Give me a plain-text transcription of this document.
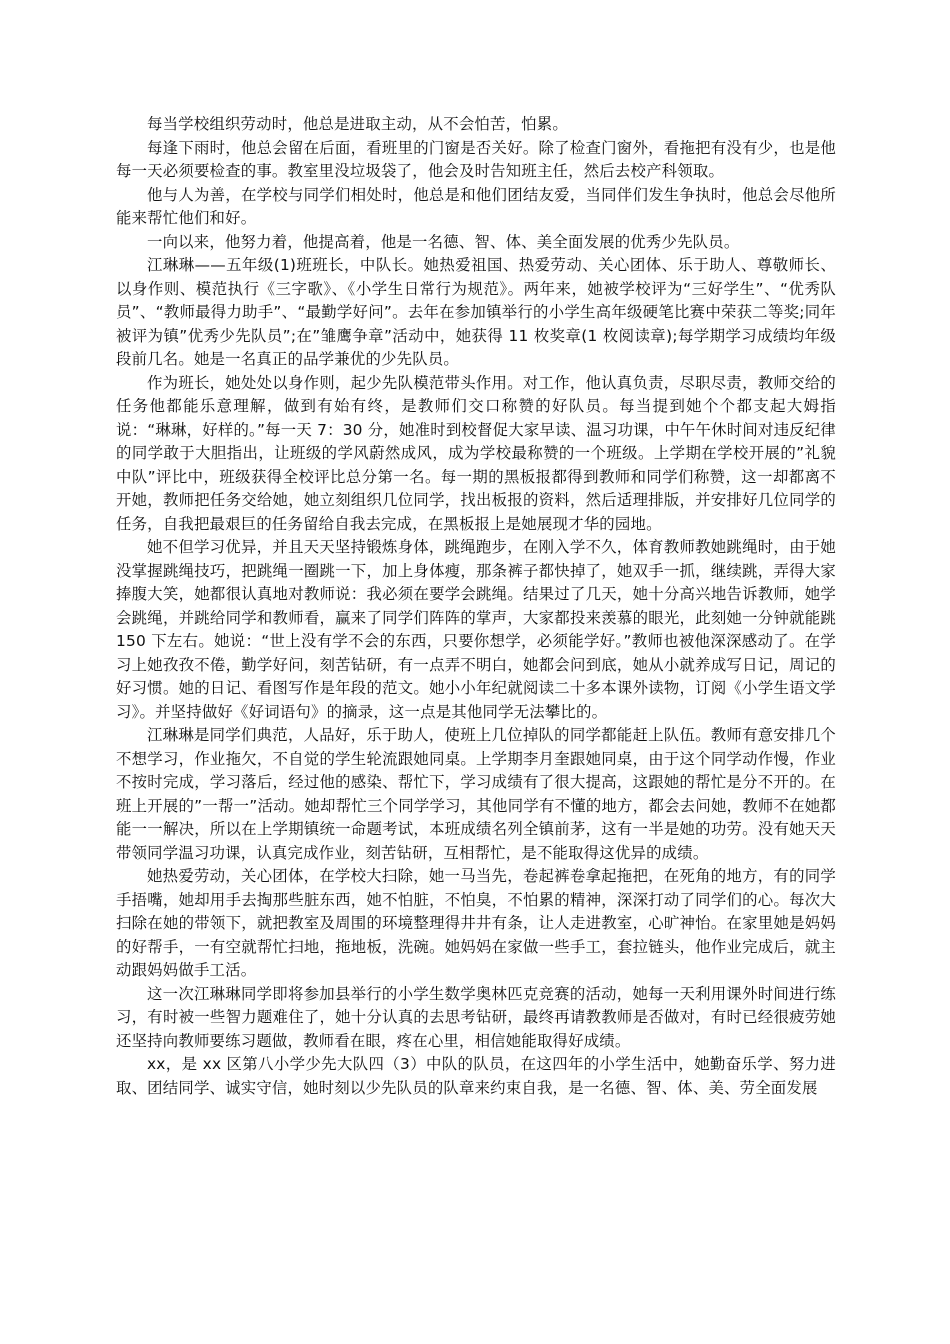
每当学校组织劳动时，他总是进取主动，从不会怕苦，怕累。

每逢下雨时，他总会留在后面，看班里的门窗是否关好。除了检查门窗外，看拖把有没有少，也是他每一天必须要检查的事。教室里没垃圾袋了，他会及时告知班主任，然后去校产科领取。

他与人为善，在学校与同学们相处时，他总是和他们团结友爱，当同伴们发生争执时，他总会尽他所能来帮忙他们和好。

一向以来，他努力着，他提高着，他是一名德、智、体、美全面发展的优秀少先队员。

江琳琳——五年级(1)班班长，中队长。她热爱祖国、热爱劳动、关心团体、乐于助人、尊敬师长、以身作则、模范执行《三字歌》、《小学生日常行为规范》。两年来，她被学校评为“三好学生”、“优秀队员”、“教师最得力助手”、“最勤学好问”。去年在参加镇举行的小学生高年级硬笔比赛中荣获二等奖;同年被评为镇”优秀少先队员”;在”雏鹰争章”活动中，她获得 11 枚奖章(1 枚阅读章);每学期学习成绩均年级段前几名。她是一名真正的品学兼优的少先队员。

作为班长，她处处以身作则，起少先队模范带头作用。对工作，他认真负责，尽职尽责，教师交给的任务他都能乐意理解，做到有始有终，是教师们交口称赞的好队员。每当提到她个个都支起大姆指说：“琳琳，好样的。”每一天 7：30 分，她准时到校督促大家早读、温习功课，中午午休时间对违反纪律的同学敢于大胆指出，让班级的学风蔚然成风，成为学校最称赞的一个班级。上学期在学校开展的”礼貌中队”评比中，班级获得全校评比总分第一名。每一期的黑板报都得到教师和同学们称赞，这一却都离不开她，教师把任务交给她，她立刻组织几位同学，找出板报的资料，然后适理排版，并安排好几位同学的任务，自我把最艰巨的任务留给自我去完成，在黑板报上是她展现才华的园地。

她不但学习优异，并且天天坚持锻炼身体，跳绳跑步，在刚入学不久，体育教师教她跳绳时，由于她没掌握跳绳技巧，把跳绳一圈跳一下，加上身体瘦，那条裤子都快掉了，她双手一抓，继续跳，弄得大家捧腹大笑，她都很认真地对教师说：我必须在要学会跳绳。结果过了几天，她十分高兴地告诉教师，她学会跳绳，并跳给同学和教师看，赢来了同学们阵阵的掌声，大家都投来羡慕的眼光，此刻她一分钟就能跳 150 下左右。她说：“世上没有学不会的东西，只要你想学，必须能学好。”教师也被他深深感动了。在学习上她孜孜不倦，勤学好问，刻苦钻研，有一点弄不明白，她都会问到底，她从小就养成写日记，周记的好习惯。她的日记、看图写作是年段的范文。她小小年纪就阅读二十多本课外读物，订阅《小学生语文学习》。并坚持做好《好词语句》的摘录，这一点是其他同学无法攀比的。

江琳琳是同学们典范，人品好，乐于助人，使班上几位掉队的同学都能赶上队伍。教师有意安排几个不想学习，作业拖欠，不自觉的学生轮流跟她同桌。上学期李月奎跟她同桌，由于这个同学动作慢，作业不按时完成，学习落后，经过他的感染、帮忙下，学习成绩有了很大提高，这跟她的帮忙是分不开的。在班上开展的”一帮一”活动。她却帮忙三个同学学习，其他同学有不懂的地方，都会去问她，教师不在她都能一一解决，所以在上学期镇统一命题考试，本班成绩名列全镇前茅，这有一半是她的功劳。没有她天天带领同学温习功课，认真完成作业，刻苦钻研，互相帮忙，是不能取得这优异的成绩。

她热爱劳动，关心团体，在学校大扫除，她一马当先，卷起裤卷拿起拖把，在死角的地方，有的同学手捂嘴，她却用手去掏那些脏东西，她不怕脏，不怕臭，不怕累的精神，深深打动了同学们的心。每次大扫除在她的带领下，就把教室及周围的环境整理得井井有条，让人走进教室，心旷神怡。在家里她是妈妈的好帮手，一有空就帮忙扫地，拖地板，洗碗。她妈妈在家做一些手工，套拉链头，他作业完成后，就主动跟妈妈做手工活。

这一次江琳琳同学即将参加县举行的小学生数学奥林匹克竞赛的活动，她每一天利用课外时间进行练习，有时被一些智力题难住了，她十分认真的去思考钻研，最终再请教教师是否做对，有时已经很疲劳她还坚持向教师要练习题做，教师看在眼，疼在心里，相信她能取得好成绩。

xx，是 xx 区第八小学少先大队四（3）中队的队员，在这四年的小学生活中，她勤奋乐学、努力进取、团结同学、诚实守信，她时刻以少先队员的队章来约束自我，是一名德、智、体、美、劳全面发展
